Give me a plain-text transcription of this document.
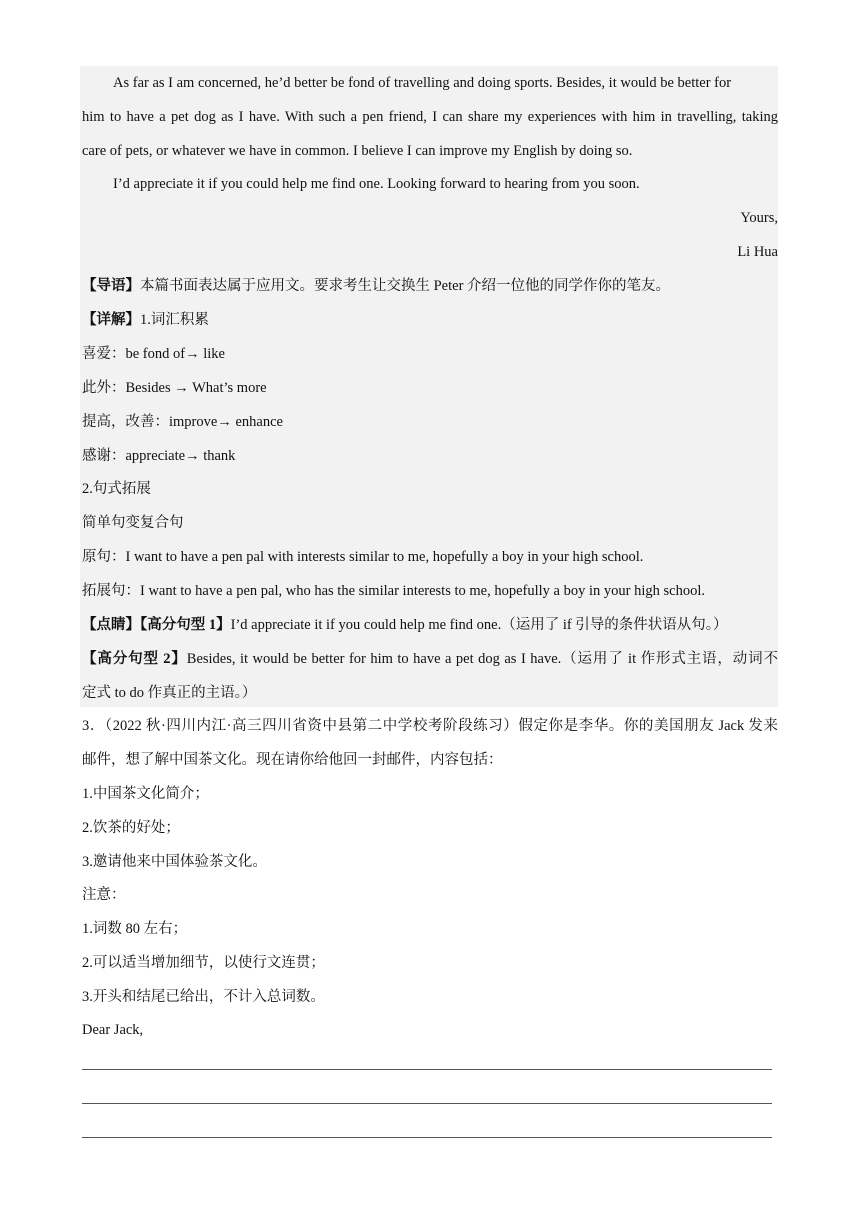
As far as I am concerned, he’d better be fond of travelling and doing sports. Besides, it would be better for
him to have a pet dog as I have. With such a pen friend, I can share my experiences with him in travelling, taking
care of pets, or whatever we have in common. I believe I can improve my English by doing so.
I’d appreciate it if you could help me find one. Looking forward to hearing from you soon.
Yours,
Li Hua
【导语】本篇书面表达属于应用文。要求考生让交换生 Peter 介绍一位他的同学作你的笔友。
【详解】1.词汇积累
喜爱：be fond of→ like
此外：Besides → What’s more
提高，改善：improve→ enhance
感谢：appreciate→ thank
2.句式拓展
简单句变复合句
原句：I want to have a pen pal with interests similar to me, hopefully a boy in your high school.
拓展句：I want to have a pen pal, who has the similar interests to me, hopefully a boy in your high school.
【点睛】【高分句型 1】I’d appreciate it if you could help me find one.（运用了 if 引导的条件状语从句。）
【高分句型 2】Besides, it would be better for him to have a pet dog as I have.（运用了 it 作形式主语，动词不
定式 to do 作真正的主语。）
3．（2022 秋·四川内江·高三四川省资中县第二中学校考阶段练习）假定你是李华。你的美国朋友 Jack 发来
邮件，想了解中国茶文化。现在请你给他回一封邮件，内容包括：
1.中国茶文化简介；
2.饮茶的好处；
3.邀请他来中国体验茶文化。
注意：
1.词数 80 左右；
2.可以适当增加细节，以使行文连贯；
3.开头和结尾已给出，不计入总词数。
Dear Jack,
